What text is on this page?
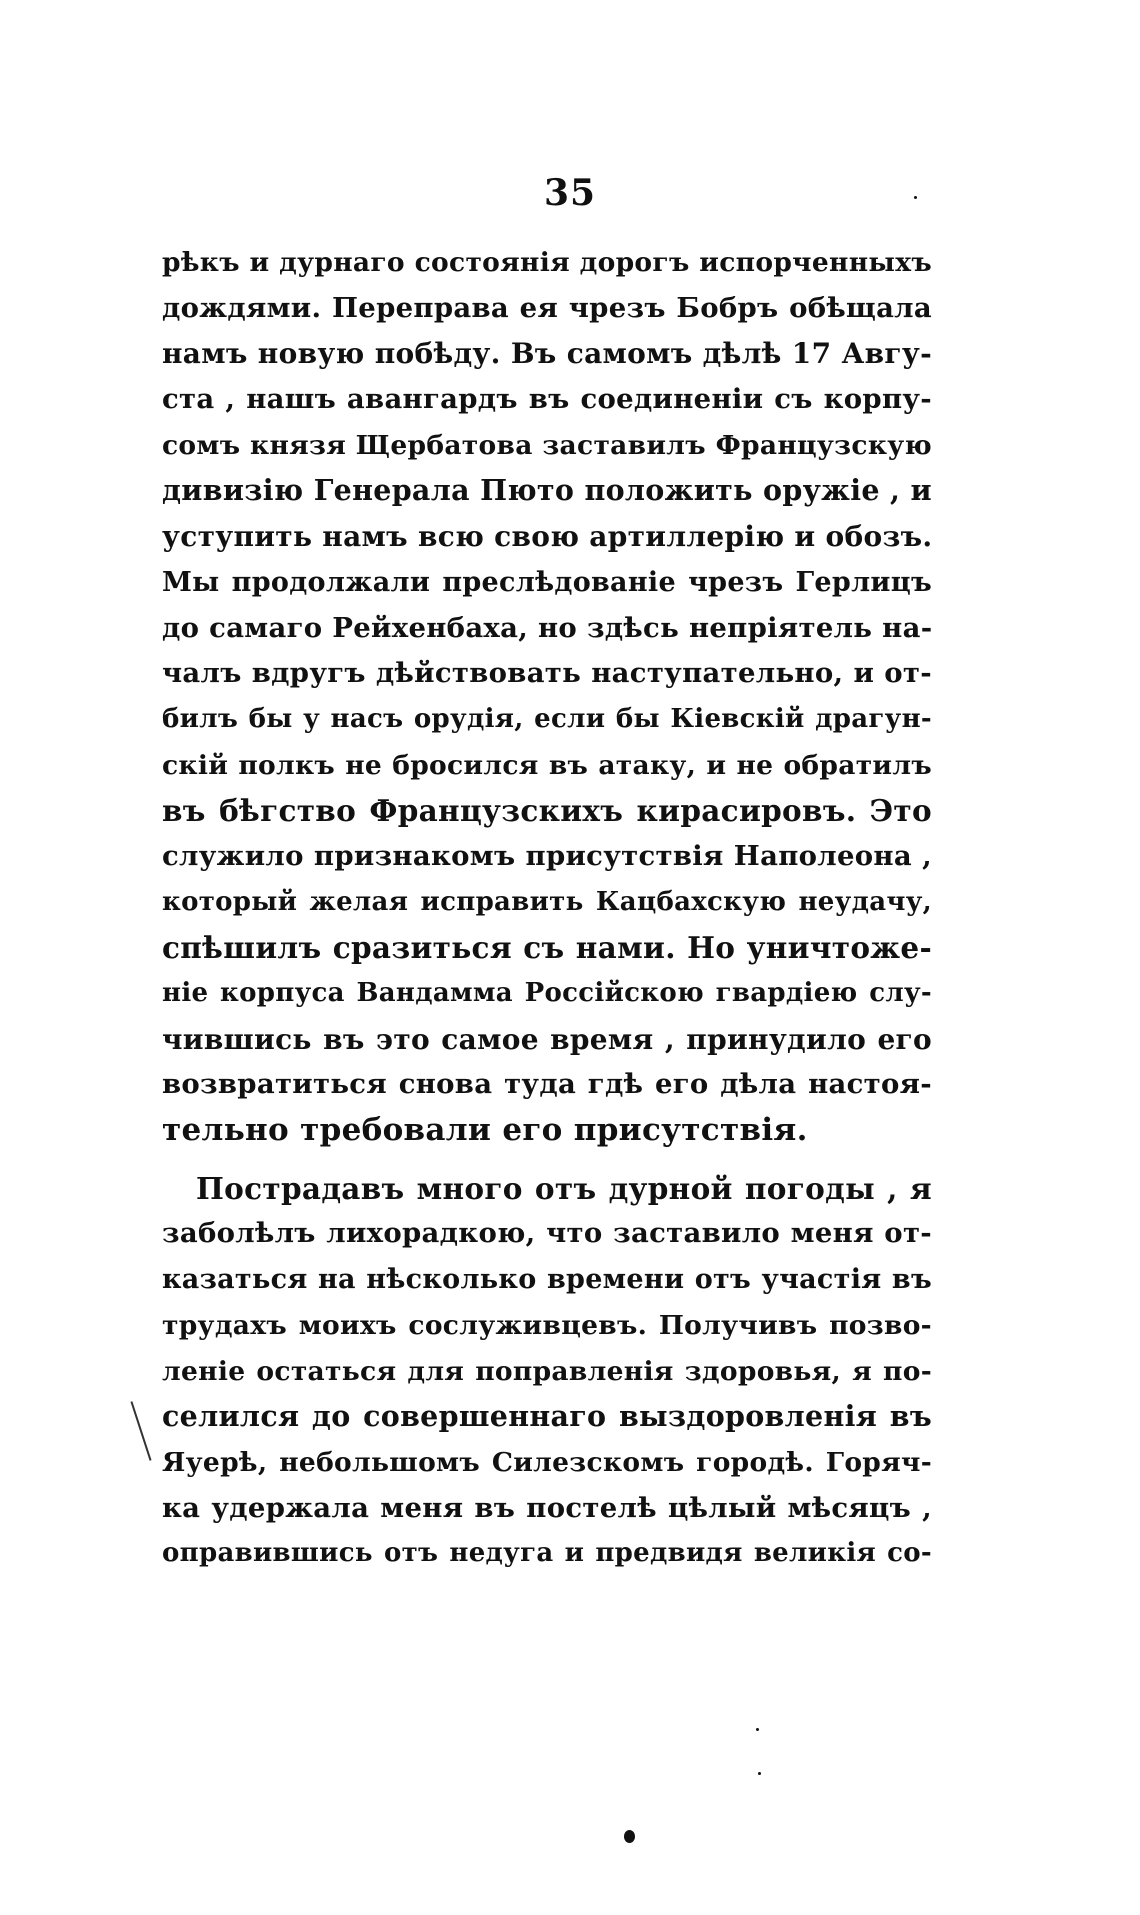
35
рѣкъ и дурнаго состоянія дорогъ испорченныхъ
дождями. Переправа ея чрезъ Бобръ обѣщала
намъ новую побѣду. Въ самомъ дѣлѣ 17 Авгу-
ста , нашъ авангардъ въ соединеніи съ корпу-
сомъ князя Щербатова заставилъ Французскую
дивизію Генерала Пюто положить оружіе , и
уступить намъ всю свою артиллерію и обозъ.
Мы продолжали преслѣдованіе чрезъ Герлицъ
до самаго Рейхенбаха, но здѣсь непріятель на-
чалъ вдругъ дѣйствовать наступательно, и от-
билъ бы у насъ орудія, если бы Кіевскій драгун-
скій полкъ не бросился въ атаку, и не обратилъ
въ бѣгство Французскихъ кирасировъ. Это
служило признакомъ присутствія Наполеона ,
который желая исправить Кацбахскую неудачу,
спѣшилъ сразиться съ нами. Но уничтоже-
ніе корпуса Вандамма Россійскою гвардіею слу-
чившись въ это самое время , принудило его
возвратиться снова туда гдѣ его дѣла настоя-
тельно требовали его присутствія.
Пострадавъ много отъ дурной погоды , я
заболѣлъ лихорадкою, что заставило меня от-
казаться на нѣсколько времени отъ участія въ
трудахъ моихъ сослуживцевъ. Получивъ позво-
леніе остаться для поправленія здоровья, я по-
селился до совершеннаго выздоровленія въ
Яуерѣ, небольшомъ Силезскомъ городѣ. Горяч-
ка удержала меня въ постелѣ цѣлый мѣсяцъ ,
оправившись отъ недуга и предвидя великія со-
